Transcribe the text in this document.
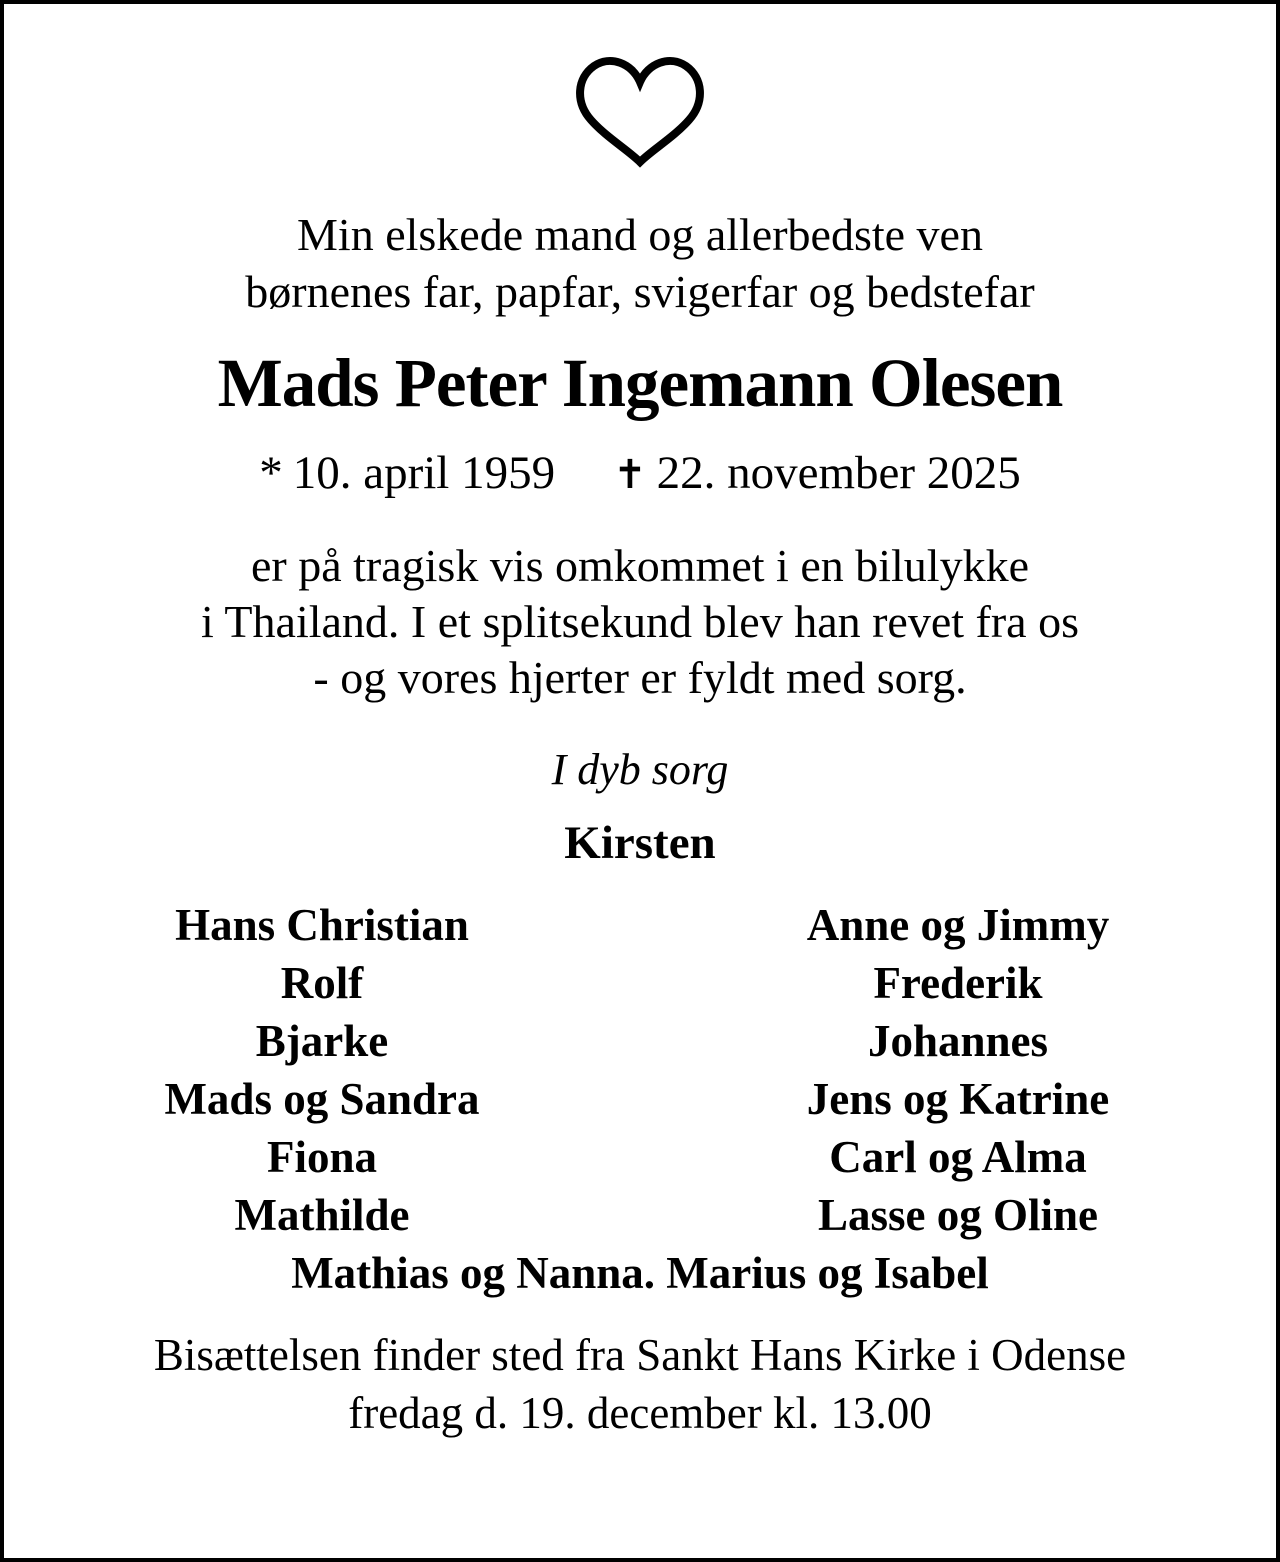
Min elskede mand og allerbedste ven
børnenes far, papfar, svigerfar og bedstefar
Mads Peter Ingemann Olesen
* 10. april 1959 ✝ 22. november 2025
er på tragisk vis omkommet i en bilulykke
i Thailand. I et splitsekund blev han revet fra os
- og vores hjerter er fyldt med sorg.
I dyb sorg
Kirsten
Hans Christian
Rolf
Bjarke
Mads og Sandra
Fiona
Mathilde
Anne og Jimmy
Frederik
Johannes
Jens og Katrine
Carl og Alma
Lasse og Oline
Mathias og Nanna. Marius og Isabel
Bisættelsen finder sted fra Sankt Hans Kirke i Odense
fredag d. 19. december kl. 13.00
